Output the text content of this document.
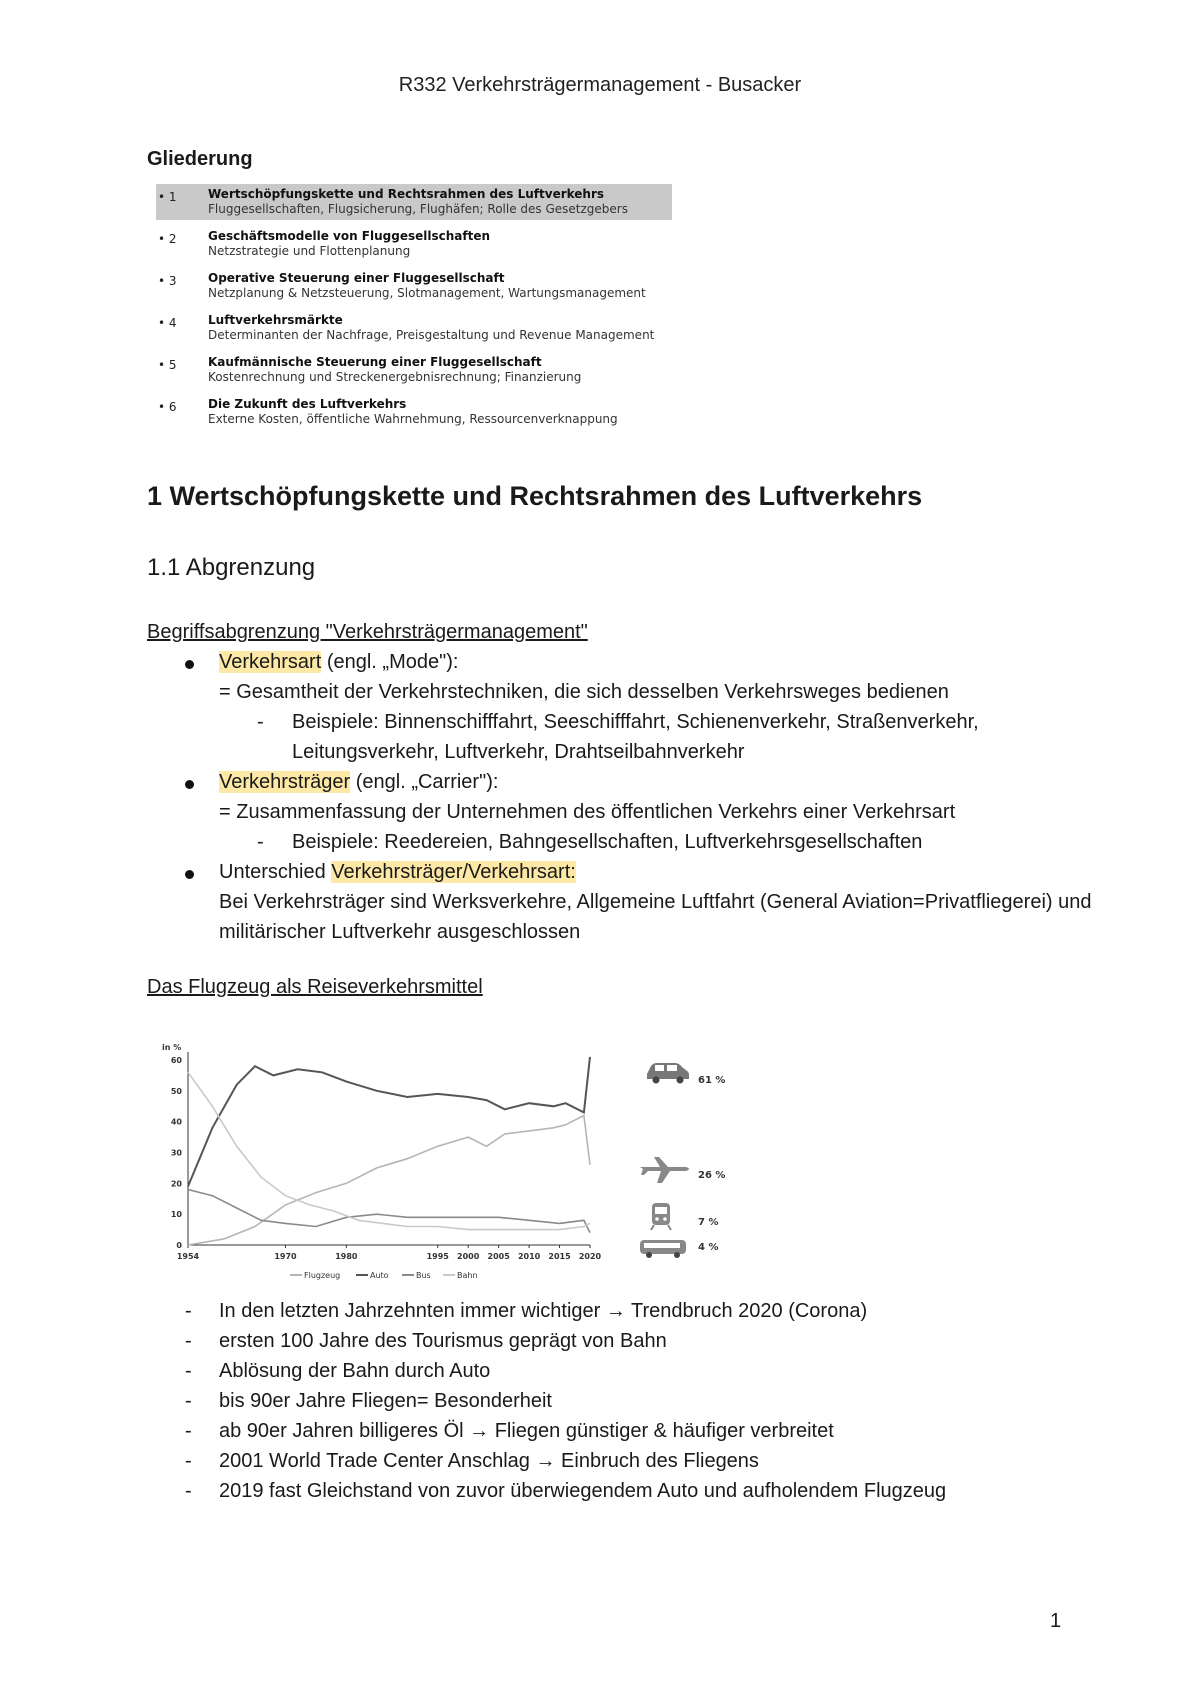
R332 Verkehrsträgermanagement - Busacker
Gliederung
• 1	Wertschöpfungskette und Rechtsrahmen des Luftverkehrs
Fluggesellschaften, Flugsicherung, Flughäfen; Rolle des Gesetzgebers
• 2	Geschäftsmodelle von Fluggesellschaften
Netzstrategie und Flottenplanung
• 3	Operative Steuerung einer Fluggesellschaft
Netzplanung & Netzsteuerung, Slotmanagement, Wartungsmanagement
• 4	Luftverkehrsmärkte
Determinanten der Nachfrage, Preisgestaltung und Revenue Management
• 5	Kaufmännische Steuerung einer Fluggesellschaft
Kostenrechnung und Streckenergebnisrechnung; Finanzierung
• 6	Die Zukunft des Luftverkehrs
Externe Kosten, öffentliche Wahrnehmung, Ressourcenverknappung
1 Wertschöpfungskette und Rechtsrahmen des Luftverkehrs
1.1 Abgrenzung
Begriffsabgrenzung "Verkehrsträgermanagement"
Verkehrsart (engl. „Mode"):
= Gesamtheit der Verkehrstechniken, die sich desselben Verkehrsweges bedienen
- Beispiele: Binnenschifffahrt, Seeschifffahrt, Schienenverkehr, Straßenverkehr, Leitungsverkehr, Luftverkehr, Drahtseilbahnverkehr
Verkehrsträger (engl. „Carrier"):
= Zusammenfassung der Unternehmen des öffentlichen Verkehrs einer Verkehrsart
- Beispiele: Reedereien, Bahngesellschaften, Luftverkehrsgesellschaften
Unterschied Verkehrsträger/Verkehrsart:
Bei Verkehrsträger sind Werksverkehre, Allgemeine Luftfahrt (General Aviation=Privatfliegerei) und militärischer Luftverkehr ausgeschlossen
Das Flugzeug als Reiseverkehrsmittel
in %
0
10
20
30
40
50
60
1954	1970	1980	1995 2000 2005 2010 2015 2020
26 %
61 %
4 %
7 %
Flugzeug	Auto	Bus	Bahn
- In den letzten Jahrzehnten immer wichtiger → Trendbruch 2020 (Corona)
- ersten 100 Jahre des Tourismus geprägt von Bahn
- Ablösung der Bahn durch Auto
- bis 90er Jahre Fliegen= Besonderheit
- ab 90er Jahren billigeres Öl → Fliegen günstiger & häufiger verbreitet
- 2001 World Trade Center Anschlag → Einbruch des Fliegens
- 2019 fast Gleichstand von zuvor überwiegendem Auto und aufholendem Flugzeug
1
